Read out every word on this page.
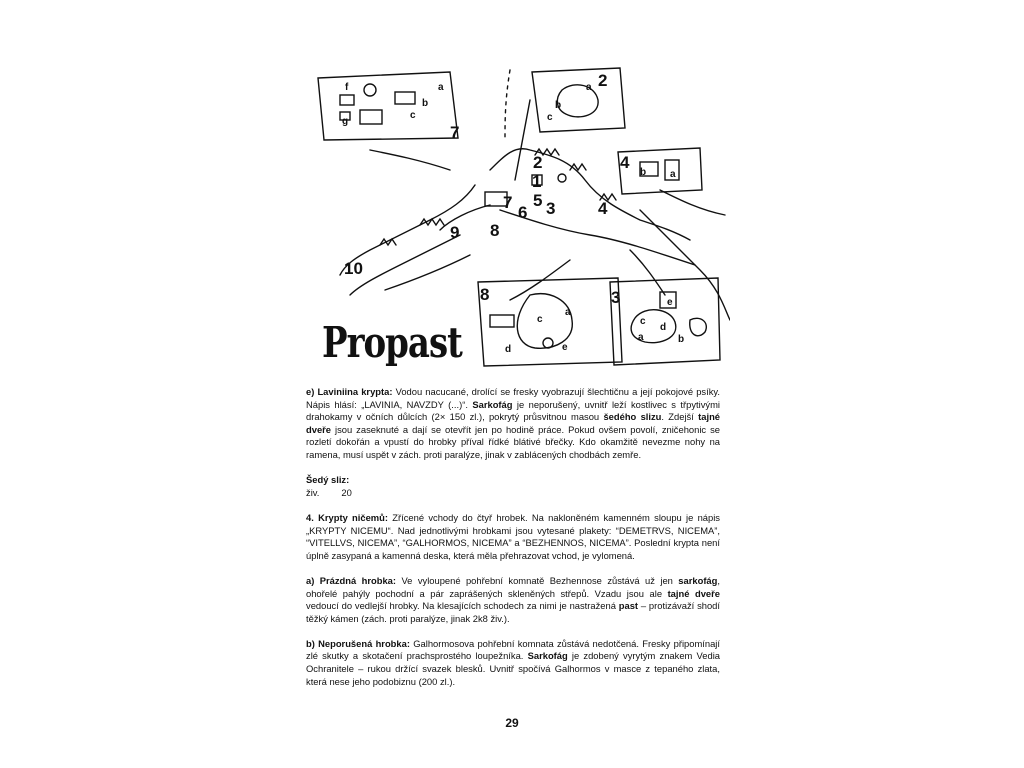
1
2
3	4
5
6
7
8
9
10
7
2
4
8	3
f	a
b
c
g
a
c
b
b a
a
c
d	e
e
c
a	b
d
Propast

e) Laviniina krypta: Vodou nacucané, drolící se fresky vyobrazují šlechtičnu a její pokojové psíky. Nápis hlásí: „LAVINIA, NAVZDY (...)“. Sarkofág je neporušený, uvnitř leží kostlivec s třpytivými drahokamy v očních důlcích (2× 150 zl.), pokrytý průsvitnou masou šedého slizu. Zdejší tajné dveře jsou zaseknuté a dají se otevřít jen po hodině práce. Pokud ovšem povolí, zničehonic se rozletí dokořán a vpustí do hrobky příval řídké blátivé břečky. Kdo okamžitě nevezme nohy na ramena, musí uspět v zách. proti paralýze, jinak v zablácených chodbách zemře.

Šedý sliz:
živ. 20

4. Krypty ničemů: Zřícené vchody do čtyř hrobek. Na nakloněném kamenném sloupu je nápis „KRYPTY NICEMU“. Nad jednotlivými hrobkami jsou vytesané plakety: “DEMETRVS, NICEMA”, “VITELLVS, NICEMA”, “GALHORMOS, NICEMA” a “BEZHENNOS, NICEMA”. Poslední krypta není úplně zasypaná a kamenná deska, která měla přehrazovat vchod, je vylomená.

a) Prázdná hrobka: Ve vyloupené pohřební komnatě Bezhennose zůstává už jen sarkofág, ohořelé pahýly pochodní a pár zaprášených skleněných střepů. Vzadu jsou ale tajné dveře vedoucí do vedlejší hrobky. Na klesajících schodech za nimi je nastražená past – protizávaží shodí těžký kámen (zách. proti paralýze, jinak 2k8 živ.).

b) Neporušená hrobka: Galhormosova pohřební komnata zůstává nedotčená. Fresky připomínají zlé skutky a skotačení prachsprostého loupežníka. Sarkofág je zdobený vyrytým znakem Vedia Ochranitele – rukou držící svazek blesků. Uvnitř spočívá Galhormos v masce z tepaného zlata, která nese jeho podobiznu (200 zl.).

29
